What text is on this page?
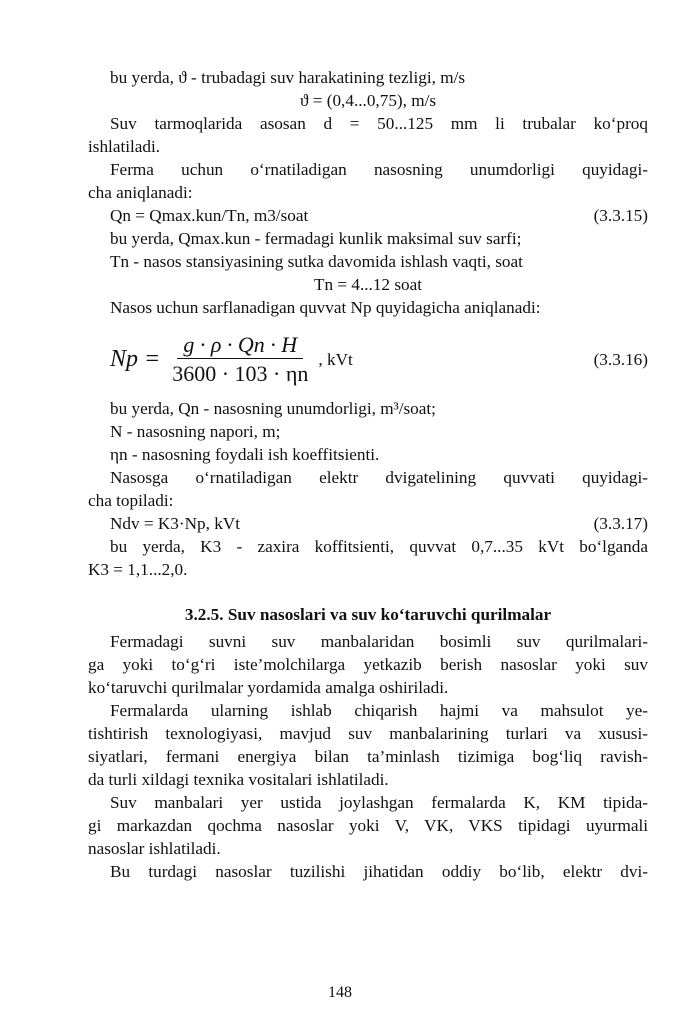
bu yerda, ϑ - trubadagi suv harakatining tezligi, m/s
ϑ = (0,4...0,75), m/s
Suv tarmoqlarida asosan d = 50...125 mm li trubalar ko‘proq
ishlatiladi.
Ferma uchun o‘rnatiladigan nasosning unumdorligi quyidagi-
cha aniqlanadi:
Qn = Qmax.kun/Tn, m3/soat	(3.3.15)
bu yerda, Qmax.kun - fermadagi kunlik maksimal suv sarfi;
Tn - nasos stansiyasining sutka davomida ishlash vaqti, soat
Tn = 4...12 soat
Nasos uchun sarflanadigan quvvat Np quyidagicha aniqlanadi:
$Np = \frac{g \cdot \rho \cdot Qn \cdot H}{3600 \cdot 103 \cdot \eta n}$ , kVt	(3.3.16)
bu yerda, Qn - nasosning unumdorligi, m³/soat;
N - nasosning napori, m;
ηn - nasosning foydali ish koeffitsienti.
Nasosga o‘rnatiladigan elektr dvigatelining quvvati quyidagi-
cha topiladi:
Ndv = K3·Np, kVt	(3.3.17)
bu yerda, K3 - zaxira koffitsienti, quvvat 0,7...35 kVt bo‘lganda
K3 = 1,1...2,0.
3.2.5. Suv nasoslari va suv ko‘taruvchi qurilmalar
Fermadagi suvni suv manbalaridan bosimli suv qurilmalari-
ga yoki to‘g‘ri iste’molchilarga yetkazib berish nasoslar yoki suv
ko‘taruvchi qurilmalar yordamida amalga oshiriladi.
Fermalarda ularning ishlab chiqarish hajmi va mahsulot ye-
tishtirish texnologiyasi, mavjud suv manbalarining turlari va xususi-
siyatlari, fermani energiya bilan ta’minlash tizimiga bog‘liq ravish-
da turli xildagi texnika vositalari ishlatiladi.
Suv manbalari yer ustida joylashgan fermalarda K, KM tipida-
gi markazdan qochma nasoslar yoki V, VK, VKS tipidagi uyurmali
nasoslar ishlatiladi.
Bu turdagi nasoslar tuzilishi jihatidan oddiy bo‘lib, elektr dvi-
148
